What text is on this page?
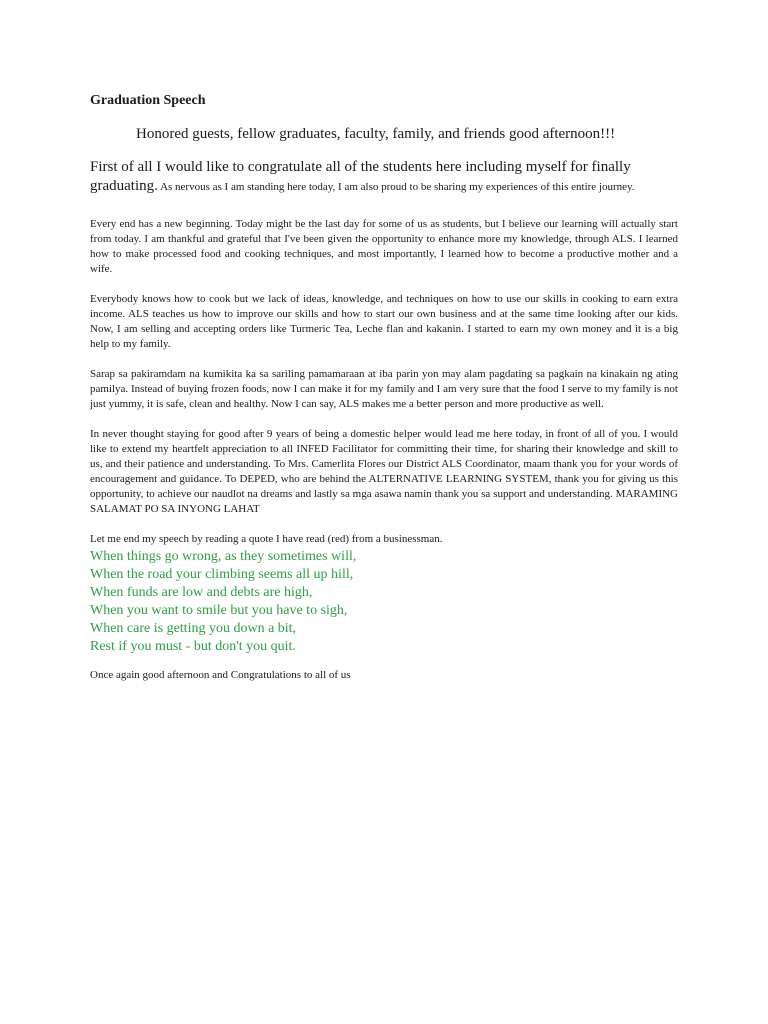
Graduation Speech
Honored guests, fellow graduates, faculty, family, and friends good afternoon!!!
First of all I would like to congratulate all of the students here including myself for finally graduating. As nervous as I am standing here today, I am also proud to be sharing my experiences of this entire journey.
Every end has a new beginning. Today might be the last day for some of us as students, but I believe our learning will actually start from today. I am thankful and grateful that I've been given the opportunity to enhance more my knowledge, through ALS. I learned how to make processed food and cooking techniques, and most importantly, I learned how to become a productive mother and a wife.
Everybody knows how to cook but we lack of ideas, knowledge, and techniques on how to use our skills in cooking to earn extra income. ALS teaches us how to improve our skills and how to start our own business and at the same time looking after our kids. Now, I am selling and accepting orders like Turmeric Tea, Leche flan and kakanin. I started to earn my own money and it is a big help to my family.
Sarap sa pakiramdam na kumikita ka sa sariling pamamaraan at iba parin yon may alam pagdating sa pagkain na kinakain ng ating pamilya. Instead of buying frozen foods, now I can make it for my family and I am very sure that the food I serve to my family is not just yummy, it is safe, clean and healthy. Now I can say, ALS makes me a better person and more productive as well.
In never thought staying for good after 9 years of being a domestic helper would lead me here today, in front of all of you. I would like to extend my heartfelt appreciation to all INFED Facilitator for committing their time, for sharing their knowledge and skill to us, and their patience and understanding. To Mrs. Camerlita Flores our District ALS Coordinator, maam thank you for your words of encouragement and guidance. To DEPED, who are behind the ALTERNATIVE LEARNING SYSTEM, thank you for giving us this opportunity, to achieve our naudlot na dreams and lastly sa mga asawa namin thank you sa support and understanding. MARAMING SALAMAT PO SA INYONG LAHAT
Let me end my speech by reading a quote I have read (red) from a businessman.
When things go wrong, as they sometimes will,
When the road your climbing seems all up hill,
When funds are low and debts are high,
When you want to smile but you have to sigh,
When care is getting you down a bit,
Rest if you must - but don't you quit.
Once again good afternoon and Congratulations to all of us
